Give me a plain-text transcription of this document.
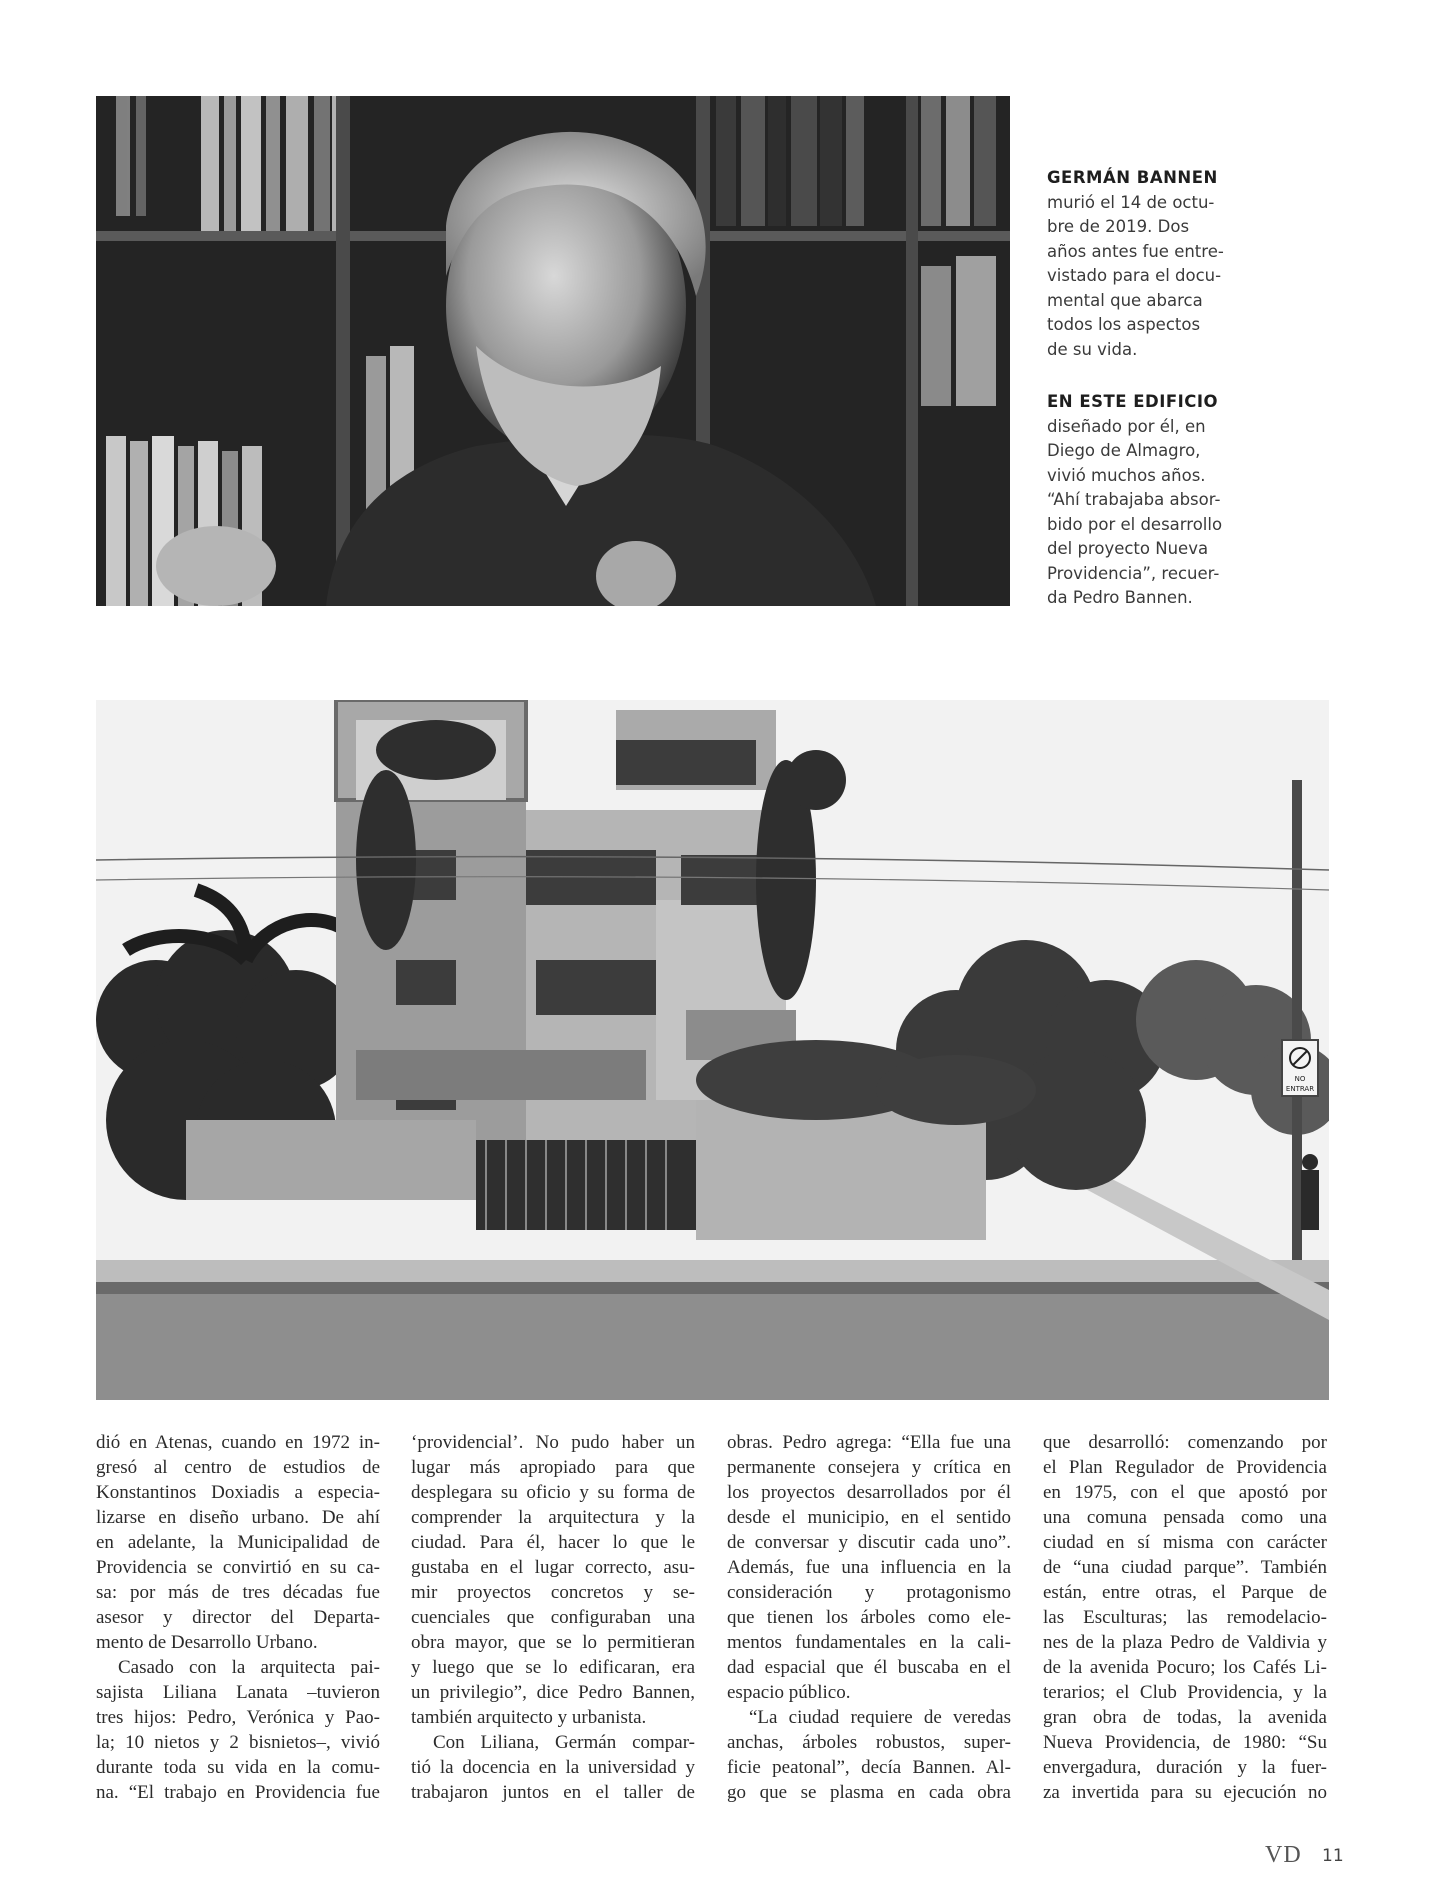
GERMÁN BANNEN
murió el 14 de octu-
bre de 2019. Dos
años antes fue entre-
vistado para el docu-
mental que abarca
todos los aspectos
de su vida.
EN ESTE EDIFICIO
diseñado por él, en
Diego de Almagro,
vivió muchos años.
“Ahí trabajaba absor-
bido por el desarrollo
del proyecto Nueva
Providencia”, recuer-
da Pedro Bannen.
NO
ENTRAR
dió en Atenas, cuando en 1972 in-
gresó al centro de estudios de
Konstantinos Doxiadis a especia-
lizarse en diseño urbano. De ahí
en adelante, la Municipalidad de
Providencia se convirtió en su ca-
sa: por más de tres décadas fue
asesor y director del Departa-
mento de Desarrollo Urbano.
Casado con la arquitecta pai-
sajista Liliana Lanata –tuvieron
tres hijos: Pedro, Verónica y Pao-
la; 10 nietos y 2 bisnietos–, vivió
durante toda su vida en la comu-
na. “El trabajo en Providencia fue
‘providencial’. No pudo haber un
lugar más apropiado para que
desplegara su oficio y su forma de
comprender la arquitectura y la
ciudad. Para él, hacer lo que le
gustaba en el lugar correcto, asu-
mir proyectos concretos y se-
cuenciales que configuraban una
obra mayor, que se lo permitieran
y luego que se lo edificaran, era
un privilegio”, dice Pedro Bannen,
también arquitecto y urbanista.
Con Liliana, Germán compar-
tió la docencia en la universidad y
trabajaron juntos en el taller de
obras. Pedro agrega: “Ella fue una
permanente consejera y crítica en
los proyectos desarrollados por él
desde el municipio, en el sentido
de conversar y discutir cada uno”.
Además, fue una influencia en la
consideración y protagonismo
que tienen los árboles como ele-
mentos fundamentales en la cali-
dad espacial que él buscaba en el
espacio público.
“La ciudad requiere de veredas
anchas, árboles robustos, super-
ficie peatonal”, decía Bannen. Al-
go que se plasma en cada obra
que desarrolló: comenzando por
el Plan Regulador de Providencia
en 1975, con el que apostó por
una comuna pensada como una
ciudad en sí misma con carácter
de “una ciudad parque”. También
están, entre otras, el Parque de
las Esculturas; las remodelacio-
nes de la plaza Pedro de Valdivia y
de la avenida Pocuro; los Cafés Li-
terarios; el Club Providencia, y la
gran obra de todas, la avenida
Nueva Providencia, de 1980: “Su
envergadura, duración y la fuer-
za invertida para su ejecución no
VD 11
